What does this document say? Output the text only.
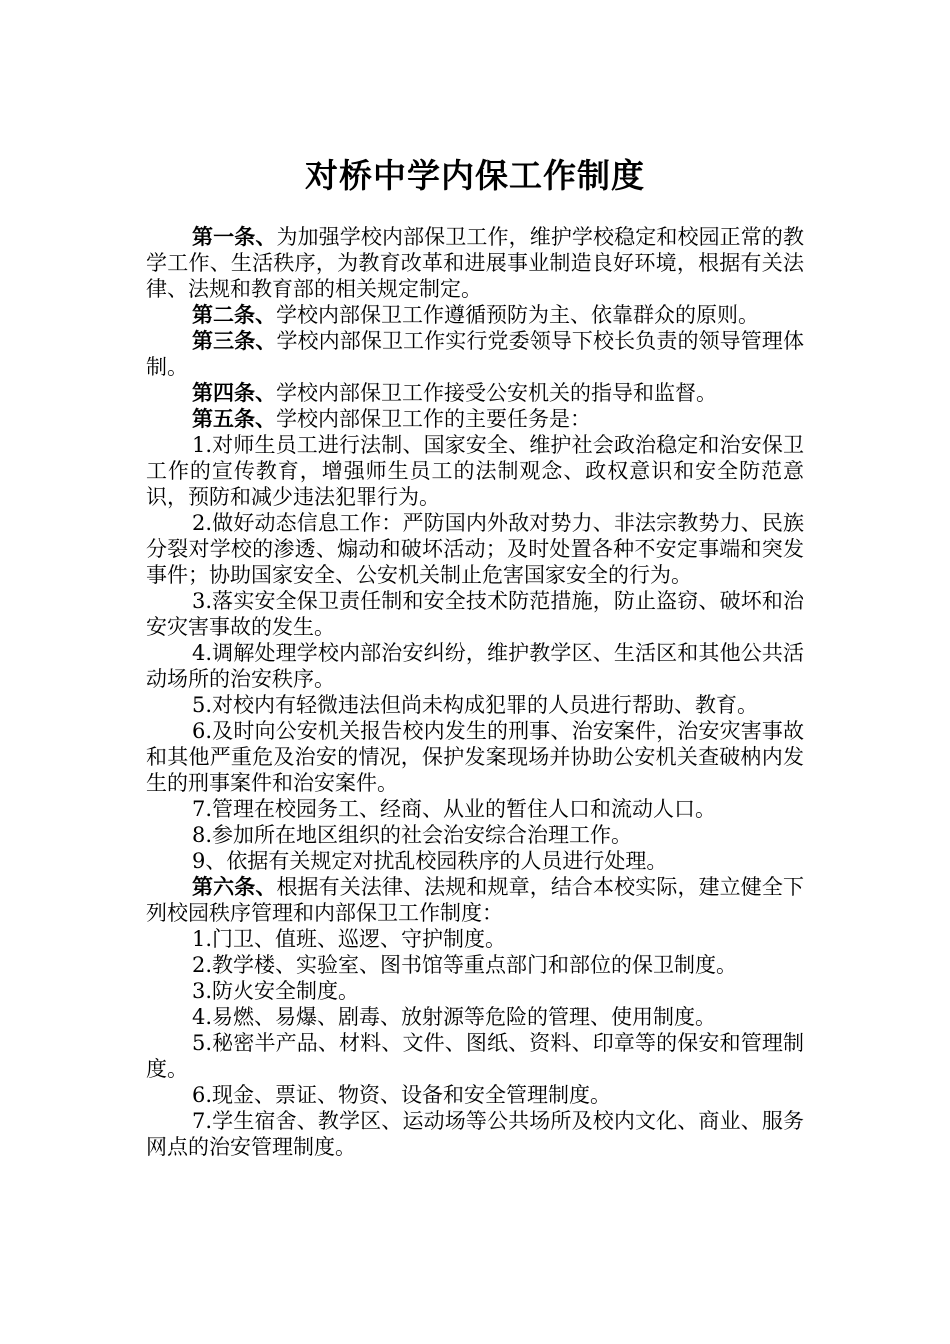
对桥中学内保工作制度

第一条、为加强学校内部保卫工作，维护学校稳定和校园正常的教学工作、生活秩序，为教育改革和进展事业制造良好环境，根据有关法律、法规和教育部的相关规定制定。

第二条、学校内部保卫工作遵循预防为主、依靠群众的原则。

第三条、学校内部保卫工作实行党委领导下校长负责的领导管理体制。

第四条、学校内部保卫工作接受公安机关的指导和监督。

第五条、学校内部保卫工作的主要任务是：

1.对师生员工进行法制、国家安全、维护社会政治稳定和治安保卫工作的宣传教育，增强师生员工的法制观念、政权意识和安全防范意识，预防和减少违法犯罪行为。

2.做好动态信息工作：严防国内外敌对势力、非法宗教势力、民族分裂对学校的渗透、煽动和破坏活动；及时处置各种不安定事端和突发事件；协助国家安全、公安机关制止危害国家安全的行为。

3.落实安全保卫责任制和安全技术防范措施，防止盗窃、破坏和治安灾害事故的发生。

4.调解处理学校内部治安纠纷，维护教学区、生活区和其他公共活动场所的治安秩序。

5.对校内有轻微违法但尚未构成犯罪的人员进行帮助、教育。

6.及时向公安机关报告校内发生的刑事、治安案件，治安灾害事故和其他严重危及治安的情况，保护发案现场并协助公安机关查破枘内发生的刑事案件和治安案件。

7.管理在校园务工、经商、从业的暂住人口和流动人口。

8.参加所在地区组织的社会治安综合治理工作。

9、依据有关规定对扰乱校园秩序的人员进行处理。

第六条、根据有关法律、法规和规章，结合本校实际，建立健全下列校园秩序管理和内部保卫工作制度：

1.门卫、值班、巡逻、守护制度。

2.教学楼、实验室、图书馆等重点部门和部位的保卫制度。

3.防火安全制度。

4.易燃、易爆、剧毒、放射源等危险的管理、使用制度。

5.秘密半产品、材料、文件、图纸、资料、印章等的保安和管理制度。

6.现金、票证、物资、设备和安全管理制度。

7.学生宿舍、教学区、运动场等公共场所及校内文化、商业、服务网点的治安管理制度。
